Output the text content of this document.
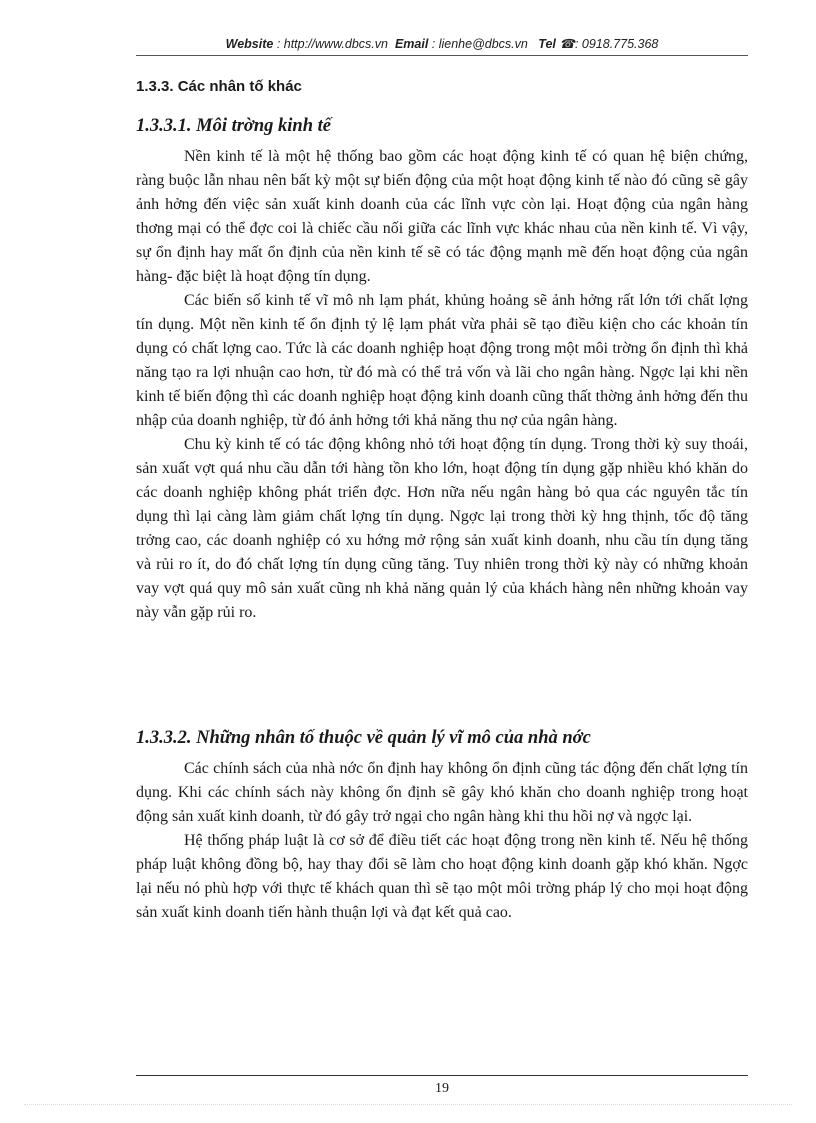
Website : http://www.dbcs.vn Email : lienhe@dbcs.vn Tel ☎: 0918.775.368
1.3.3. Các nhân tố khác
1.3.3.1. Môi trờng kinh tế

Nền kinh tế là một hệ thống bao gồm các hoạt động kinh tế có quan hệ biện chứng, ràng buộc lẫn nhau nên bất kỳ một sự biến động của một hoạt động kinh tế nào đó cũng sẽ gây ảnh hởng đến việc sản xuất kinh doanh của các lĩnh vực còn lại. Hoạt động của ngân hàng thơng mại có thể đợc coi là chiếc cầu nối giữa các lĩnh vực khác nhau của nền kinh tế. Vì vậy, sự ổn định hay mất ổn định của nền kinh tế sẽ có tác động mạnh mẽ đến hoạt động của ngân hàng- đặc biệt là hoạt động tín dụng.

Các biến số kinh tế vĩ mô nh lạm phát, khủng hoảng sẽ ảnh hởng rất lớn tới chất lợng tín dụng. Một nền kinh tế ổn định tỷ lệ lạm phát vừa phải sẽ tạo điều kiện cho các khoản tín dụng có chất lợng cao. Tức là các doanh nghiệp hoạt động trong một môi trờng ổn định thì khả năng tạo ra lợi nhuận cao hơn, từ đó mà có thể trả vốn và lãi cho ngân hàng. Ngợc lại khi nền kinh tế biến động thì các doanh nghiệp hoạt động kinh doanh cũng thất thờng ảnh hởng đến thu nhập của doanh nghiệp, từ đó ảnh hởng tới khả năng thu nợ của ngân hàng.

Chu kỳ kinh tế có tác động không nhỏ tới hoạt động tín dụng. Trong thời kỳ suy thoái, sản xuất vợt quá nhu cầu dẫn tới hàng tồn kho lớn, hoạt động tín dụng gặp nhiều khó khăn do các doanh nghiệp không phát triển đợc. Hơn nữa nếu ngân hàng bỏ qua các nguyên tắc tín dụng thì lại càng làm giảm chất lợng tín dụng. Ngợc lại trong thời kỳ hng thịnh, tốc độ tăng trởng cao, các doanh nghiệp có xu hớng mở rộng sản xuất kinh doanh, nhu cầu tín dụng tăng và rủi ro ít, do đó chất lợng tín dụng cũng tăng. Tuy nhiên trong thời kỳ này có những khoản vay vợt quá quy mô sản xuất cũng nh khả năng quản lý của khách hàng nên những khoản vay này vẫn gặp rủi ro.

1.3.3.2. Những nhân tố thuộc về quản lý vĩ mô của nhà nớc

Các chính sách của nhà nớc ổn định hay không ổn định cũng tác động đến chất lợng tín dụng. Khi các chính sách này không ổn định sẽ gây khó khăn cho doanh nghiệp trong hoạt động sản xuất kinh doanh, từ đó gây trở ngại cho ngân hàng khi thu hồi nợ và ngợc lại.

Hệ thống pháp luật là cơ sở để điều tiết các hoạt động trong nền kinh tế. Nếu hệ thống pháp luật không đồng bộ, hay thay đổi sẽ làm cho hoạt động kinh doanh gặp khó khăn. Ngợc lại nếu nó phù hợp với thực tế khách quan thì sẽ tạo một môi trờng pháp lý cho mọi hoạt động sản xuất kinh doanh tiến hành thuận lợi và đạt kết quả cao.

19
